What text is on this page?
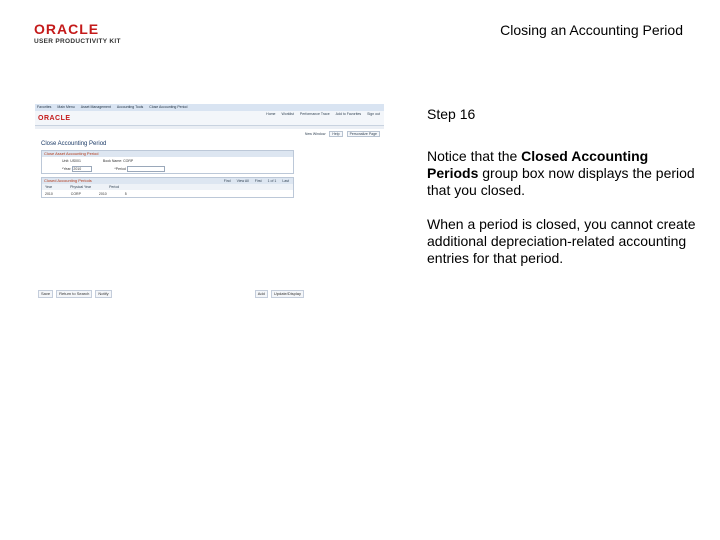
ORACLE
USER PRODUCTIVITY KIT
Closing an Accounting Period
Favorites Main Menu Asset Management Accounting Tools Close Accounting Period
ORACLE
Home Worklist Performance Trace Add to Favorites Sign out
New Window	Help	Personalize Page
Close Accounting Period
Close Asset Accounting Period
Unit: US001	Book Name: CORP
*Year: 2010	*Period
Closed Accounting Periods	Find View All First 1 of 1 Last
Year	Physical Year	Period
2010	CORP	2010	5
Save	Return to Search	Notify	Add	Update/Display
Step 16

Notice that the Closed Accounting Periods group box now displays the period that you closed.

When a period is closed, you cannot create additional depreciation-related accounting entries for that period.
